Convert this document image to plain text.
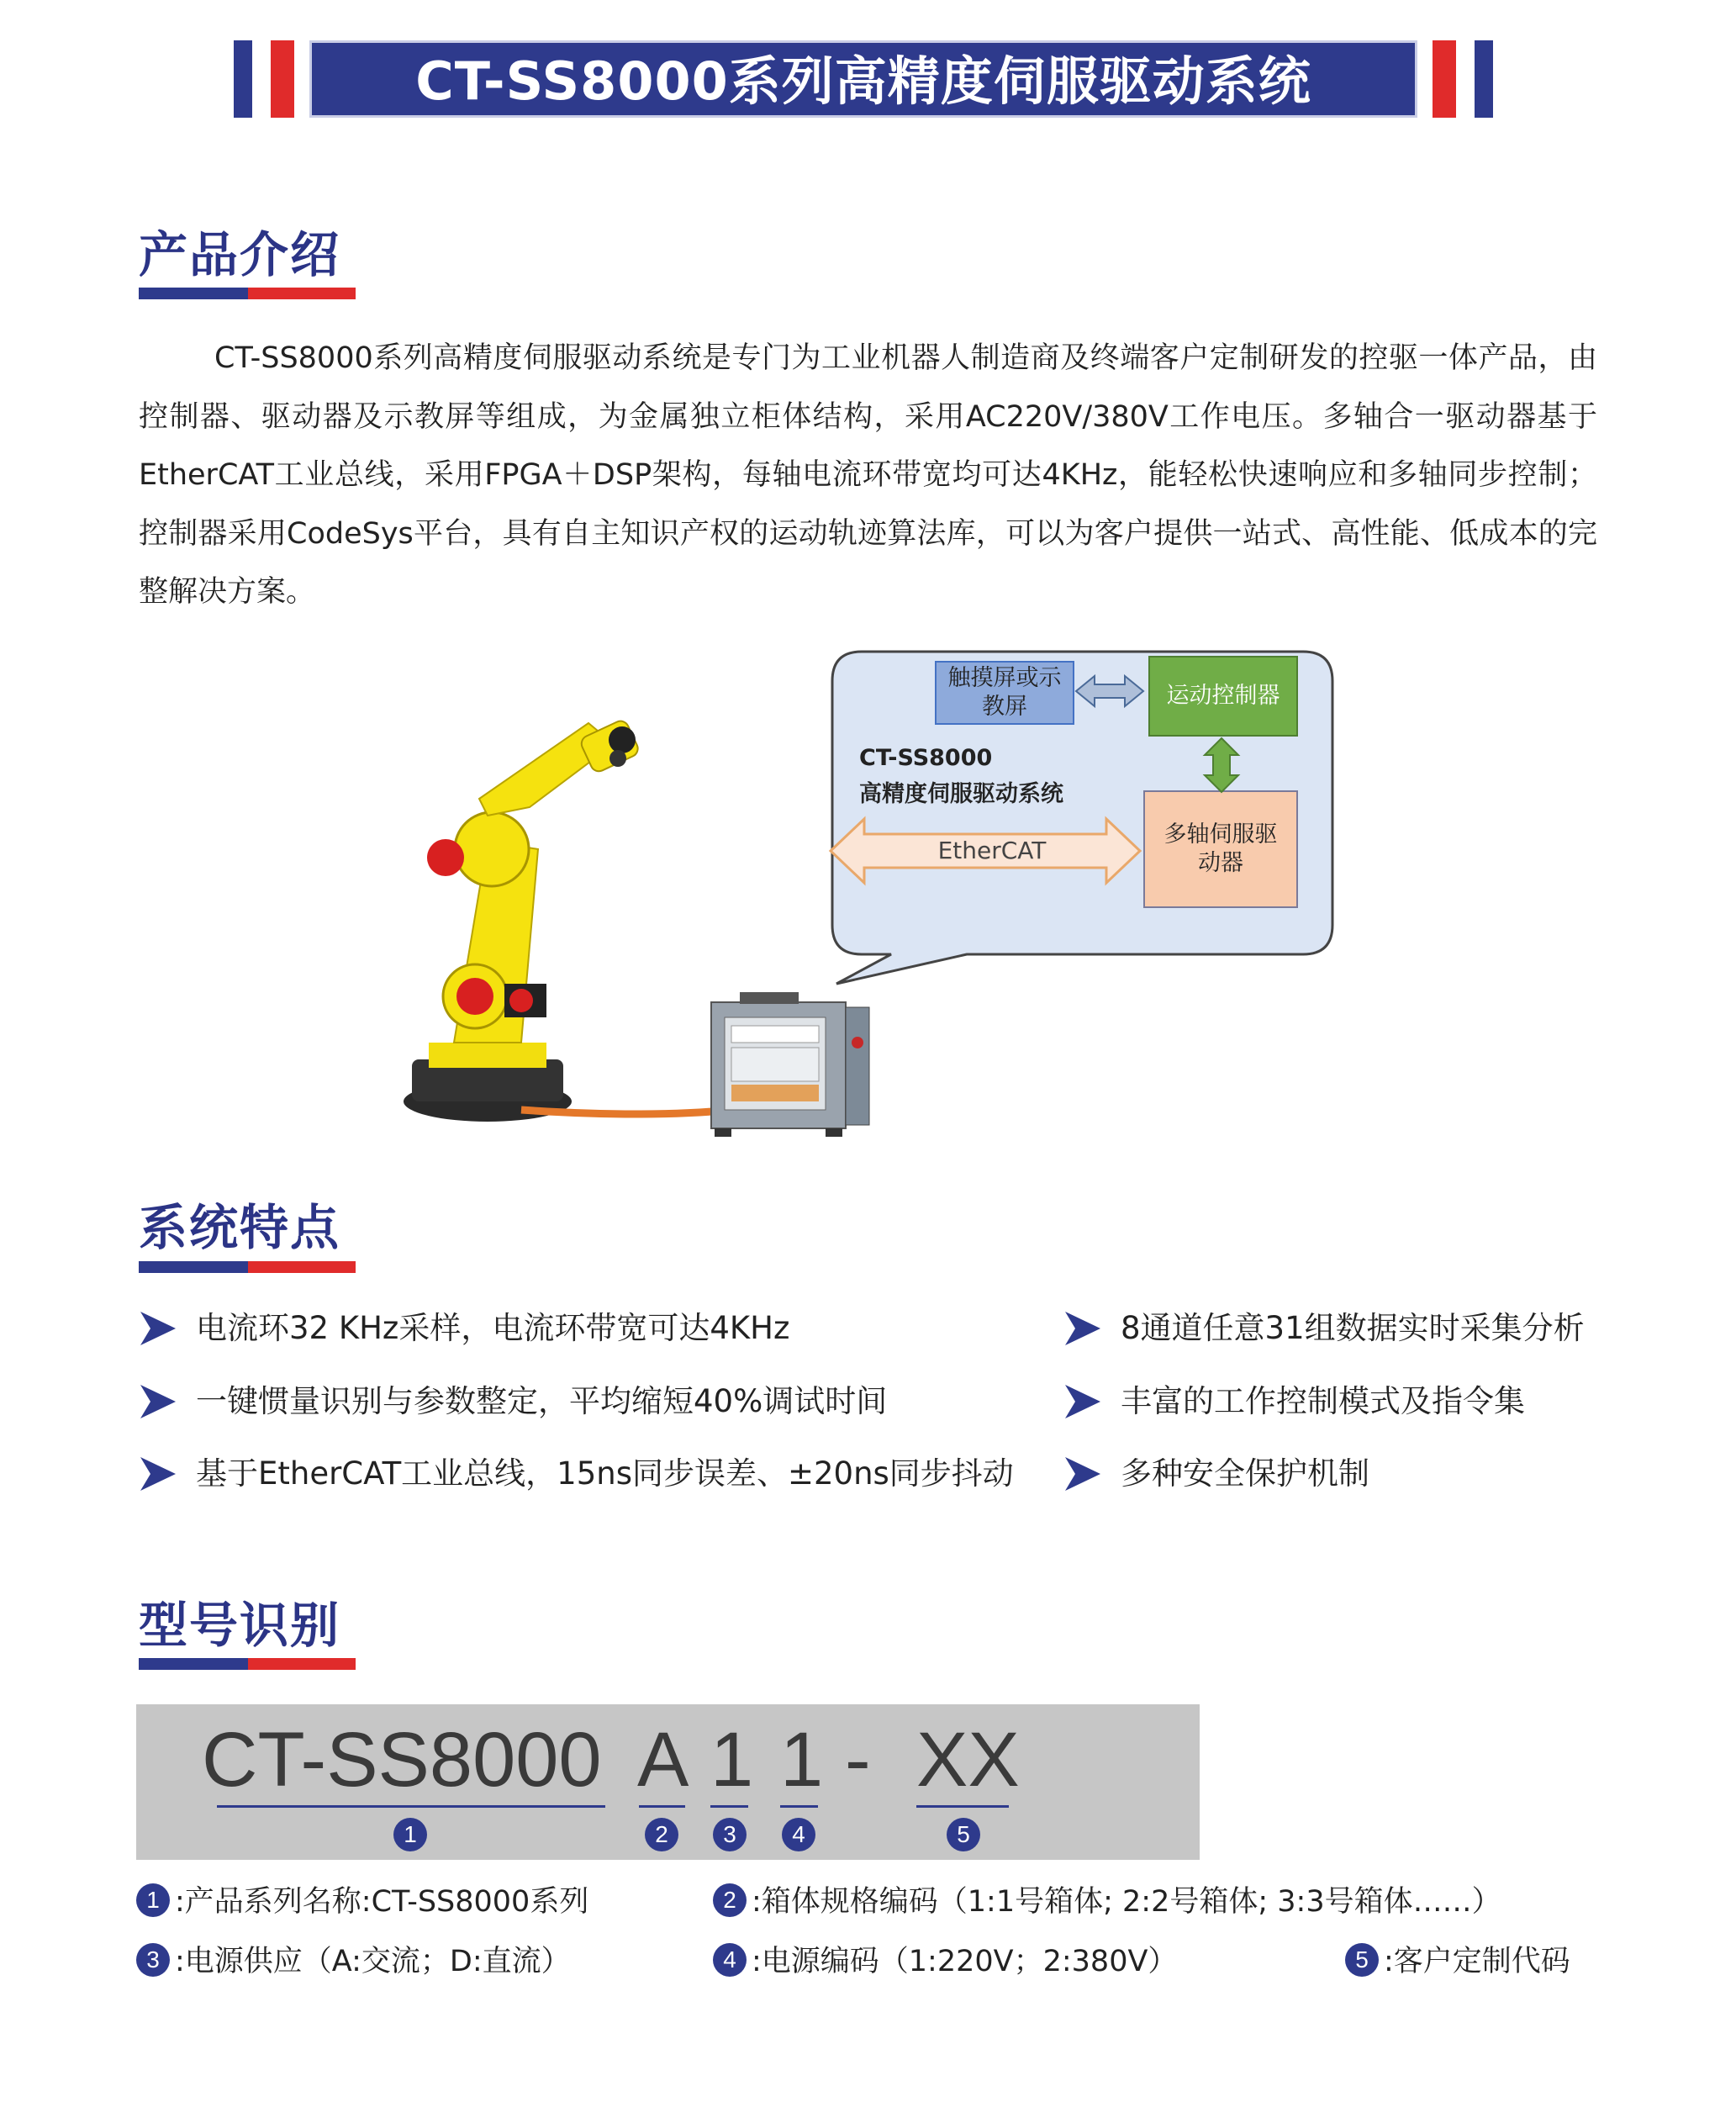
CT-SS8000系列高精度伺服驱动系统
产品介绍
CT-SS8000系列高精度伺服驱动系统是专门为工业机器人制造商及终端客户定制研发的控驱一体产品，由控制器、驱动器及示教屏等组成，为金属独立柜体结构，采用AC220V/380V工作电压。多轴合一驱动器基于EtherCAT工业总线，采用FPGA＋DSP架构，每轴电流环带宽均可达4KHz，能轻松快速响应和多轴同步控制；控制器采用CodeSys平台，具有自主知识产权的运动轨迹算法库，可以为客户提供一站式、高性能、低成本的完整解决方案。
触摸屏或示教屏	运动控制器
多轴伺服驱动器
EtherCAT
CT-SS8000
高精度伺服驱动系统
系统特点
电流环32 KHz采样，电流环带宽可达4KHz
一键惯量识别与参数整定，平均缩短40%调试时间
基于EtherCAT工业总线，15ns同步误差、±20ns同步抖动
8通道任意31组数据实时采集分析
丰富的工作控制模式及指令集
多种安全保护机制
型号识别
CT-SS8000 A 1 1 - XX
1	2	3	4	5
1 :产品系列名称:CT-SS8000系列	2 :箱体规格编码（1:1号箱体; 2:2号箱体; 3:3号箱体……）
3 :电源供应（A:交流；D:直流）	4 :电源编码（1:220V；2:380V）	5 :客户定制代码
